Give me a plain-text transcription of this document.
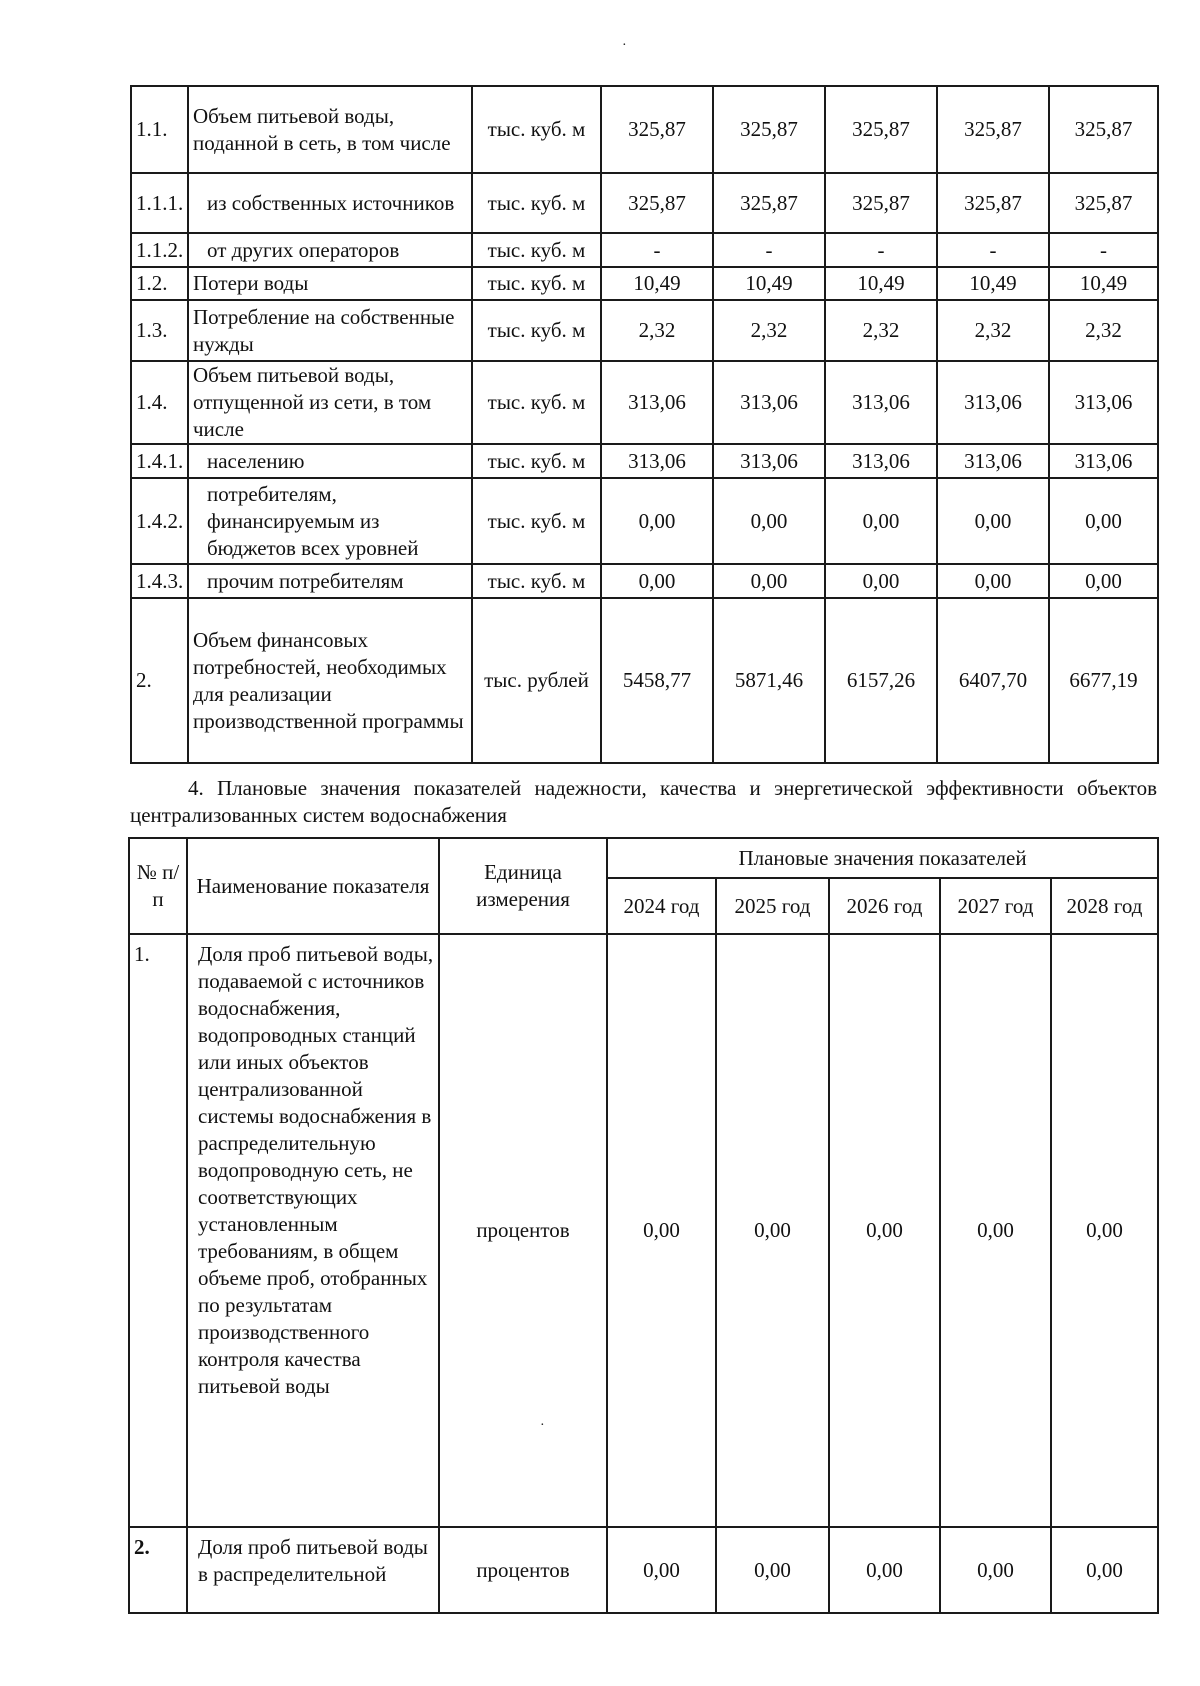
·
1.1.	Объем питьевой воды, поданной в сеть, в том числе	тыс. куб. м	325,87	325,87	325,87	325,87	325,87
1.1.1.	из собственных источников	тыс. куб. м	325,87	325,87	325,87	325,87	325,87
1.1.2.	от других операторов	тыс. куб. м	-	-	-	-	-
1.2.	Потери воды	тыс. куб. м	10,49	10,49	10,49	10,49	10,49
1.3.	Потребление на собственные нужды	тыс. куб. м	2,32	2,32	2,32	2,32	2,32
1.4.	Объем питьевой воды, отпущенной из сети, в том числе	тыс. куб. м	313,06	313,06	313,06	313,06	313,06
1.4.1.	населению	тыс. куб. м	313,06	313,06	313,06	313,06	313,06
1.4.2.	потребителям, финансируемым из бюджетов всех уровней	тыс. куб. м	0,00	0,00	0,00	0,00	0,00
1.4.3.	прочим потребителям	тыс. куб. м	0,00	0,00	0,00	0,00	0,00
2.	Объем финансовых потребностей, необходимых для реализации производственной программы	тыс. рублей	5458,77	5871,46	6157,26	6407,70	6677,19

4. Плановые значения показателей надежности, качества и энергетической эффективности объектов централизованных систем водоснабжения

№ п/п	Наименование показателя	Единица измерения	Плановые значения показателей				
			2024 год	2025 год	2026 год	2027 год	2028 год
1.	Доля проб питьевой воды, подаваемой с источников водоснабжения, водопроводных станций или иных объектов централизованной системы водоснабжения в распределительную водопроводную сеть, не соответствующих установленным требованиям, в общем объеме проб, отобранных по результатам производственного контроля качества питьевой воды	процентов	0,00	0,00	0,00	0,00	0,00
2.	Доля проб питьевой воды в распределительной	процентов	0,00	0,00	0,00	0,00	0,00
·
